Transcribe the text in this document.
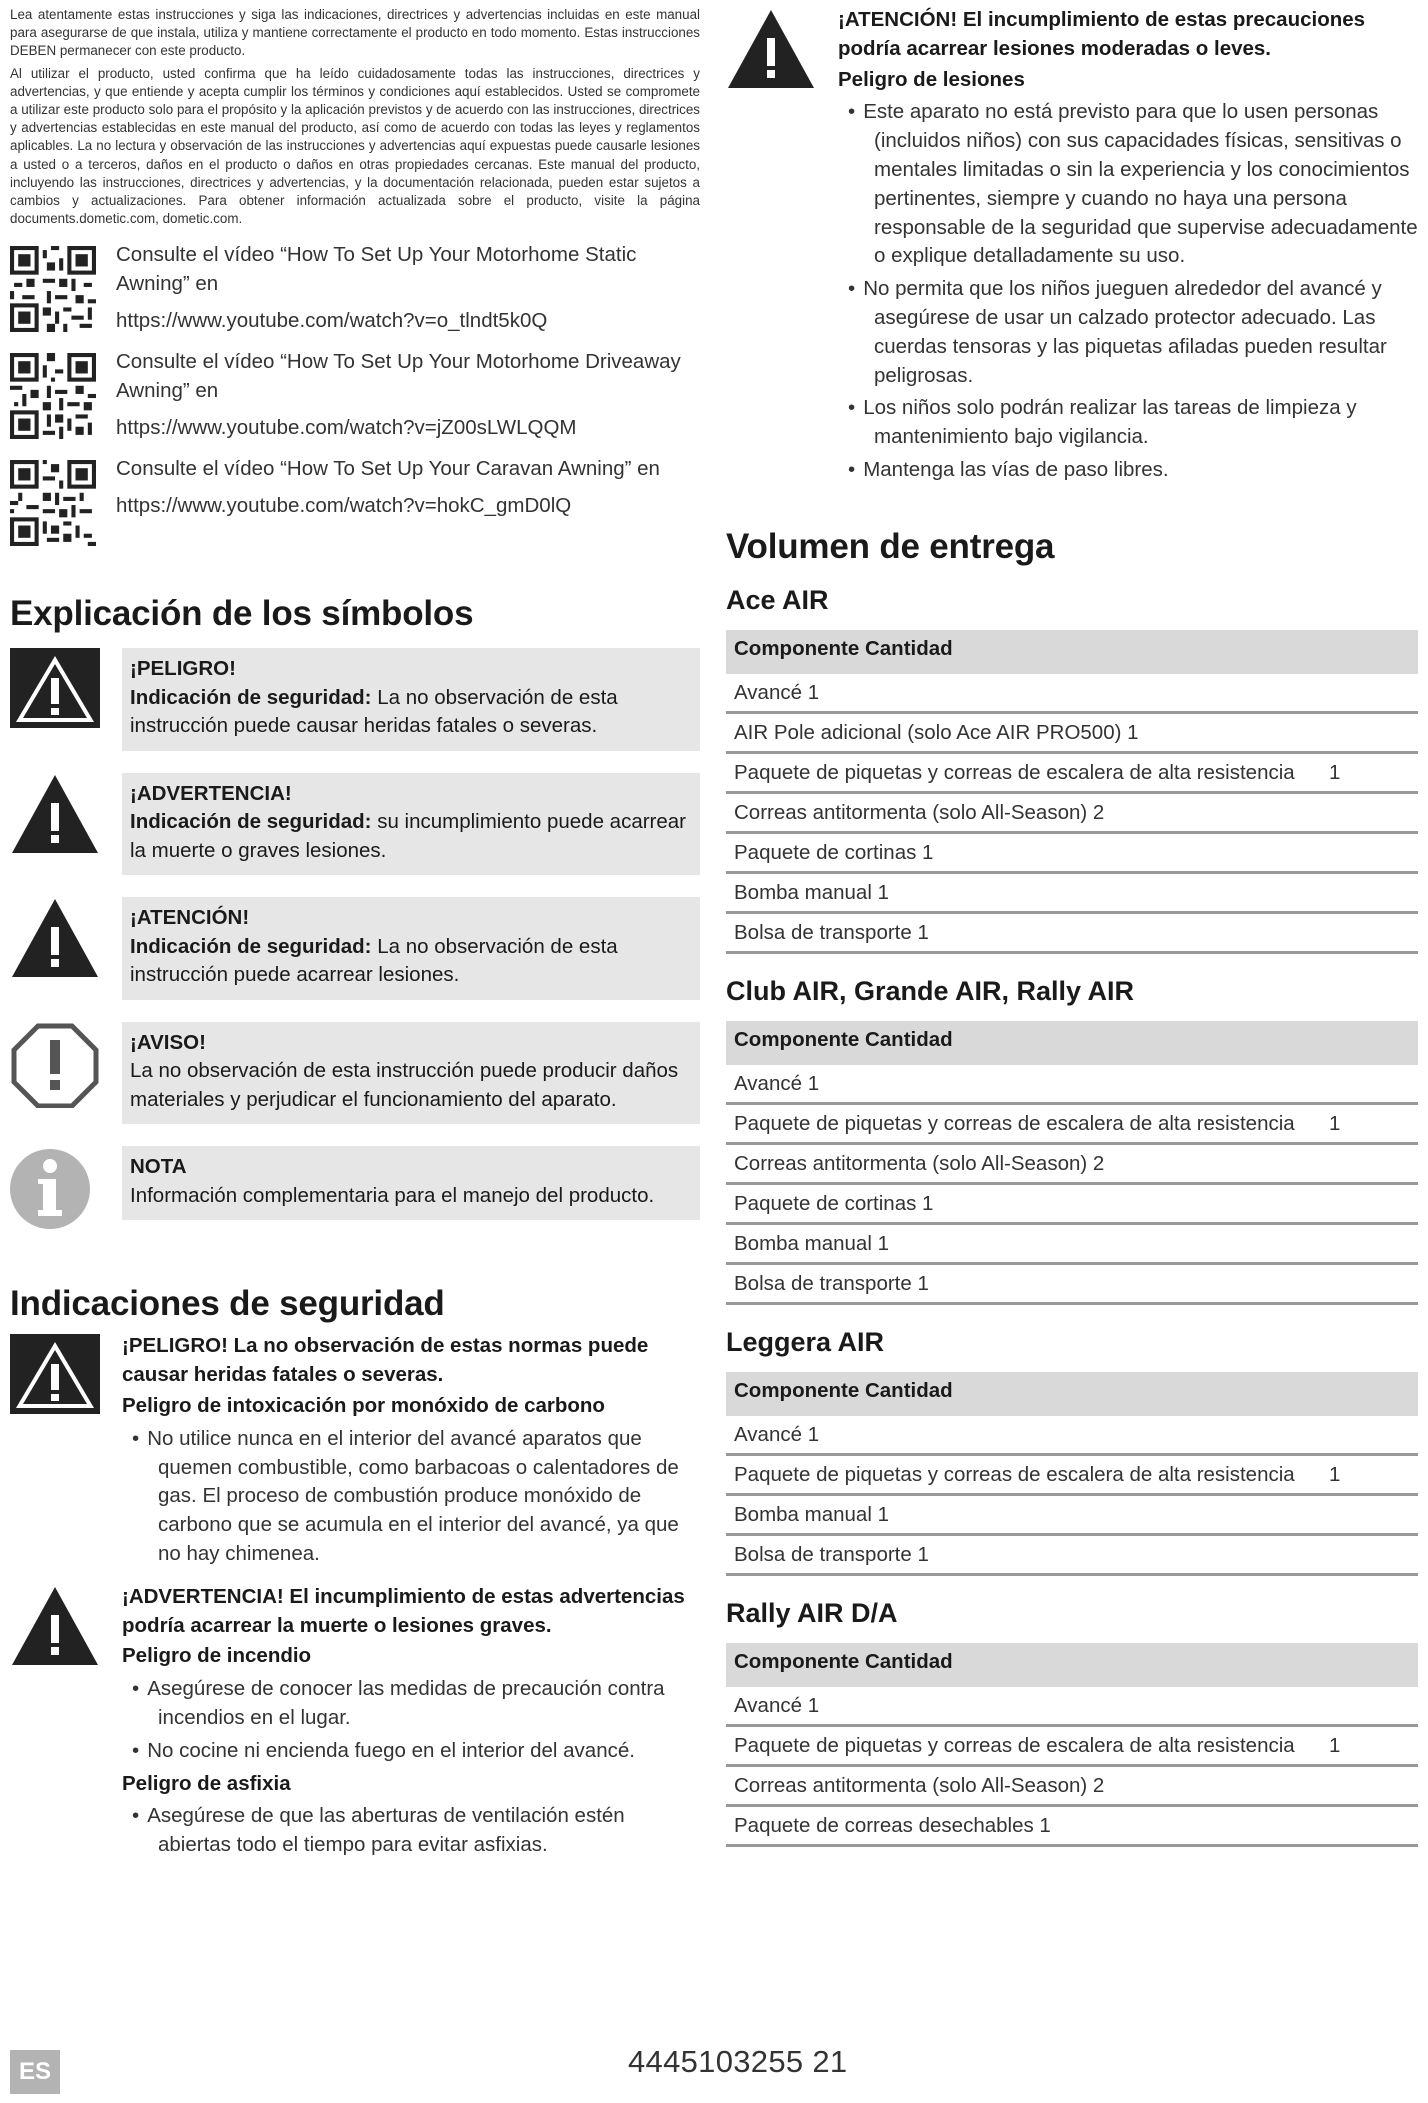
Lea atentamente estas instrucciones y siga las indicaciones, directrices y advertencias incluidas en este manual para asegurarse de que instala, utiliza y mantiene correctamente el producto en todo momento. Estas instrucciones DEBEN permanecer con este producto.

Al utilizar el producto, usted confirma que ha leído cuidadosamente todas las instrucciones, directrices y advertencias, y que entiende y acepta cumplir los términos y condiciones aquí establecidos. Usted se compromete a utilizar este producto solo para el propósito y la aplicación previstos y de acuerdo con las instrucciones, directrices y advertencias establecidas en este manual del producto, así como de acuerdo con todas las leyes y reglamentos aplicables. La no lectura y observación de las instrucciones y advertencias aquí expuestas puede causarle lesiones a usted o a terceros, daños en el producto o daños en otras propiedades cercanas. Este manual del producto, incluyendo las instrucciones, directrices y advertencias, y la documentación relacionada, pueden estar sujetos a cambios y actualizaciones. Para obtener información actualizada sobre el producto, visite la página documents.dometic.com, dometic.com.

Consulte el vídeo “How To Set Up Your Motorhome Static Awning” en
https://www.youtube.com/watch?v=o_tlndt5k0Q
Consulte el vídeo “How To Set Up Your Motorhome Driveaway Awning” en
https://www.youtube.com/watch?v=jZ00sLWLQQM
Consulte el vídeo “How To Set Up Your Caravan Awning” en
https://www.youtube.com/watch?v=hokC_gmD0lQ
Explicación de los símbolos
¡PELIGRO!
Indicación de seguridad: La no observación de esta instrucción puede causar heridas fatales o severas.
¡ADVERTENCIA!
Indicación de seguridad: su incumplimiento puede acarrear la muerte o graves lesiones.
¡ATENCIÓN!
Indicación de seguridad: La no observación de esta instrucción puede acarrear lesiones.
¡AVISO!
La no observación de esta instrucción puede producir daños materiales y perjudicar el funcionamiento del aparato.
NOTA
Información complementaria para el manejo del producto.
Indicaciones de seguridad
¡PELIGRO! La no observación de estas normas puede causar heridas fatales o severas.
Peligro de intoxicación por monóxido de carbono
• No utilice nunca en el interior del avancé aparatos que quemen combustible, como barbacoas o calentadores de gas. El proceso de combustión produce monóxido de carbono que se acumula en el interior del avancé, ya que no hay chimenea.
¡ADVERTENCIA! El incumplimiento de estas advertencias podría acarrear la muerte o lesiones graves.
Peligro de incendio
• Asegúrese de conocer las medidas de precaución contra incendios en el lugar.
• No cocine ni encienda fuego en el interior del avancé.
Peligro de asfixia
• Asegúrese de que las aberturas de ventilación estén abiertas todo el tiempo para evitar asfixias.
¡ATENCIÓN! El incumplimiento de estas precauciones podría acarrear lesiones moderadas o leves.
Peligro de lesiones
• Este aparato no está previsto para que lo usen personas (incluidos niños) con sus capacidades físicas, sensitivas o mentales limitadas o sin la experiencia y los conocimientos pertinentes, siempre y cuando no haya una persona responsable de la seguridad que supervise adecuadamente o explique detalladamente su uso.
• No permita que los niños jueguen alrededor del avancé y asegúrese de usar un calzado protector adecuado. Las cuerdas tensoras y las piquetas afiladas pueden resultar peligrosas.
• Los niños solo podrán realizar las tareas de limpieza y mantenimiento bajo vigilancia.
• Mantenga las vías de paso libres.
Volumen de entrega
Ace AIR
Componente Cantidad
Avancé 1
AIR Pole adicional (solo Ace AIR PRO500) 1
Paquete de piquetas y correas de escalera de alta resistencia	1
Correas antitormenta (solo All-Season) 2
Paquete de cortinas 1
Bomba manual 1
Bolsa de transporte 1
Club AIR, Grande AIR, Rally AIR
Componente Cantidad
Avancé 1
Paquete de piquetas y correas de escalera de alta resistencia	1
Correas antitormenta (solo All-Season) 2
Paquete de cortinas 1
Bomba manual 1
Bolsa de transporte 1
Leggera AIR
Componente Cantidad
Avancé 1
Paquete de piquetas y correas de escalera de alta resistencia	1
Bomba manual 1
Bolsa de transporte 1
Rally AIR D/A
Componente Cantidad
Avancé 1
Paquete de piquetas y correas de escalera de alta resistencia	1
Correas antitormenta (solo All-Season) 2
Paquete de correas desechables 1
ES	4445103255 21
